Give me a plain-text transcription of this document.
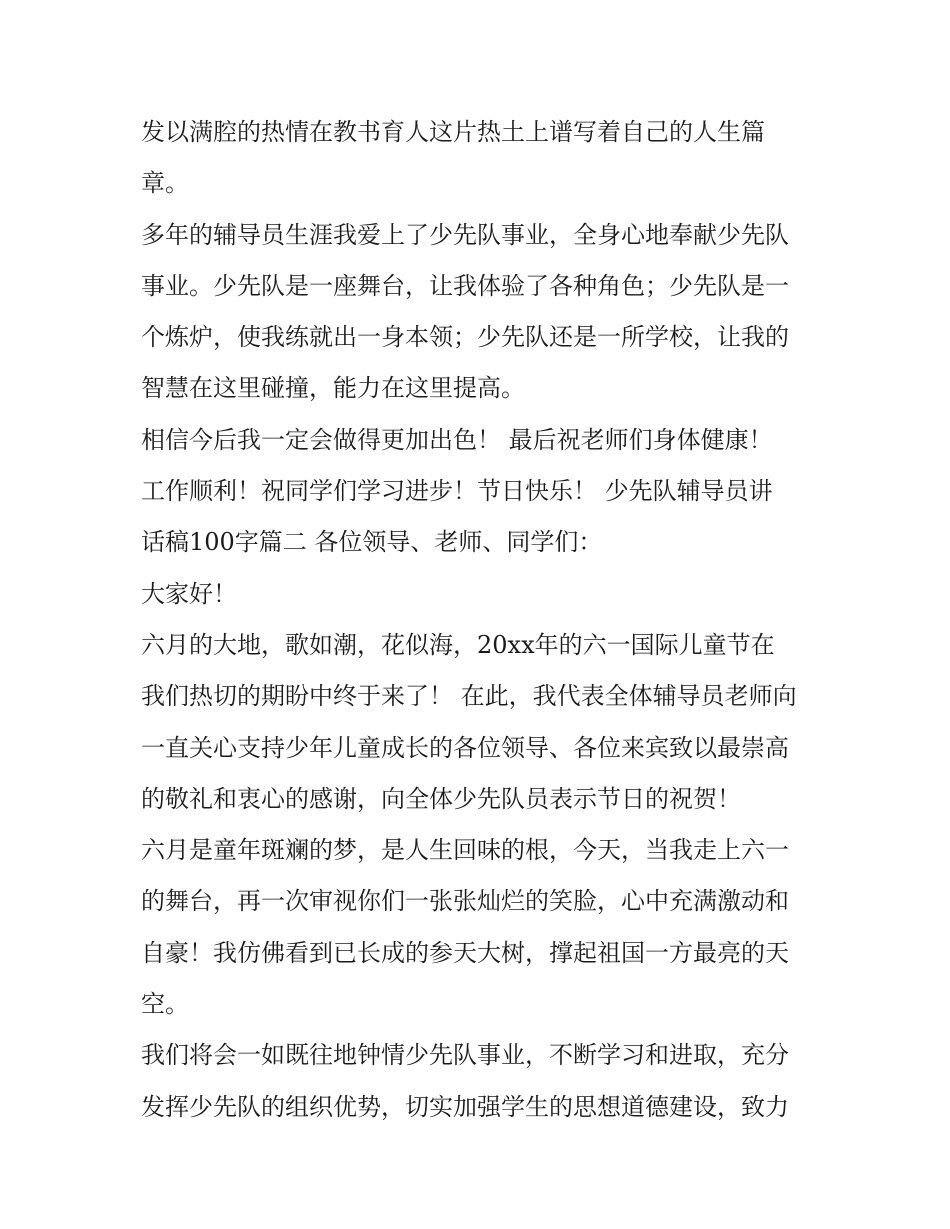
发以满腔的热情在教书育人这片热土上谱写着自己的人生篇
章。
多年的辅导员生涯我爱上了少先队事业，全身心地奉献少先队
事业。少先队是一座舞台，让我体验了各种角色；少先队是一
个炼炉，使我练就出一身本领；少先队还是一所学校，让我的
智慧在这里碰撞，能力在这里提高。
相信今后我一定会做得更加出色！ 最后祝老师们身体健康！
工作顺利！祝同学们学习进步！节日快乐！ 少先队辅导员讲
话稿100字篇二 各位领导、老师、同学们：
大家好！
六月的大地，歌如潮，花似海，20xx年的六一国际儿童节在
我们热切的期盼中终于来了！ 在此，我代表全体辅导员老师向
一直关心支持少年儿童成长的各位领导、各位来宾致以最崇高
的敬礼和衷心的感谢，向全体少先队员表示节日的祝贺！
六月是童年斑斓的梦，是人生回味的根，今天，当我走上六一
的舞台，再一次审视你们一张张灿烂的笑脸，心中充满激动和
自豪！我仿佛看到已长成的参天大树，撑起祖国一方最亮的天
空。
我们将会一如既往地钟情少先队事业，不断学习和进取，充分
发挥少先队的组织优势，切实加强学生的思想道德建设，致力
